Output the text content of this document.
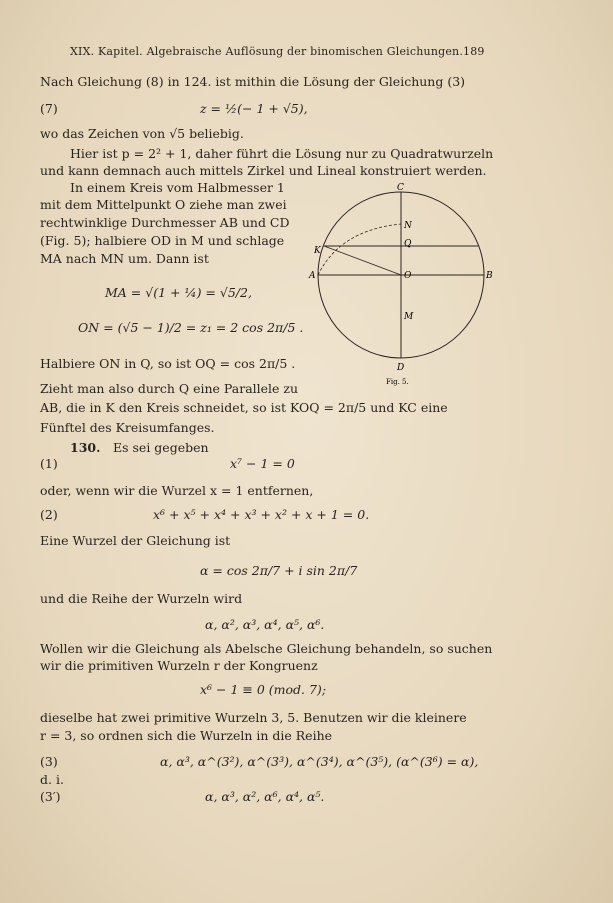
XIX. Kapitel. Algebraische Auflösung der binomischen Gleichungen. 189
Nach Gleichung (8) in 124. ist mithin die Lösung der Gleichung (3)
(7)	z = ½(− 1 + √5),
wo das Zeichen von √5 beliebig.
Hier ist p = 2² + 1, daher führt die Lösung nur zu Quadratwurzeln
und kann demnach auch mittels Zirkel und Lineal konstruiert werden.
In einem Kreis vom Halbmesser 1
mit dem Mittelpunkt O ziehe man zwei
rechtwinklige Durchmesser AB und CD
(Fig. 5); halbiere OD in M und schlage
MA nach MN um. Dann ist
MA = √(1 + ¼) = √5/2,
ON = (√5 − 1)/2 = z₁ = 2 cos 2π/5 .
Halbiere ON in Q, so ist OQ = cos 2π/5 .
Zieht man also durch Q eine Parallele zu
AB, die in K den Kreis schneidet, so ist KOQ = 2π/5 und KC eine
Fünftel des Kreisumfanges.
130. Es sei gegeben
(1)	x⁷ − 1 = 0
oder, wenn wir die Wurzel x = 1 entfernen,
(2)	x⁶ + x⁵ + x⁴ + x³ + x² + x + 1 = 0.
Eine Wurzel der Gleichung ist
α = cos 2π/7 + i sin 2π/7
und die Reihe der Wurzeln wird
α, α², α³, α⁴, α⁵, α⁶.
Wollen wir die Gleichung als Abelsche Gleichung behandeln, so suchen
wir die primitiven Wurzeln r der Kongruenz
x⁶ − 1 ≡ 0 (mod. 7);
dieselbe hat zwei primitive Wurzeln 3, 5. Benutzen wir die kleinere
r = 3, so ordnen sich die Wurzeln in die Reihe
(3)	α, α³, α^(3²), α^(3³), α^(3⁴), α^(3⁵), (α^(3⁶) = α),
d. i.
(3′)	α, α³, α², α⁶, α⁴, α⁵.
C
D
A	B
O
K
N
Q
M
Fig. 5.
